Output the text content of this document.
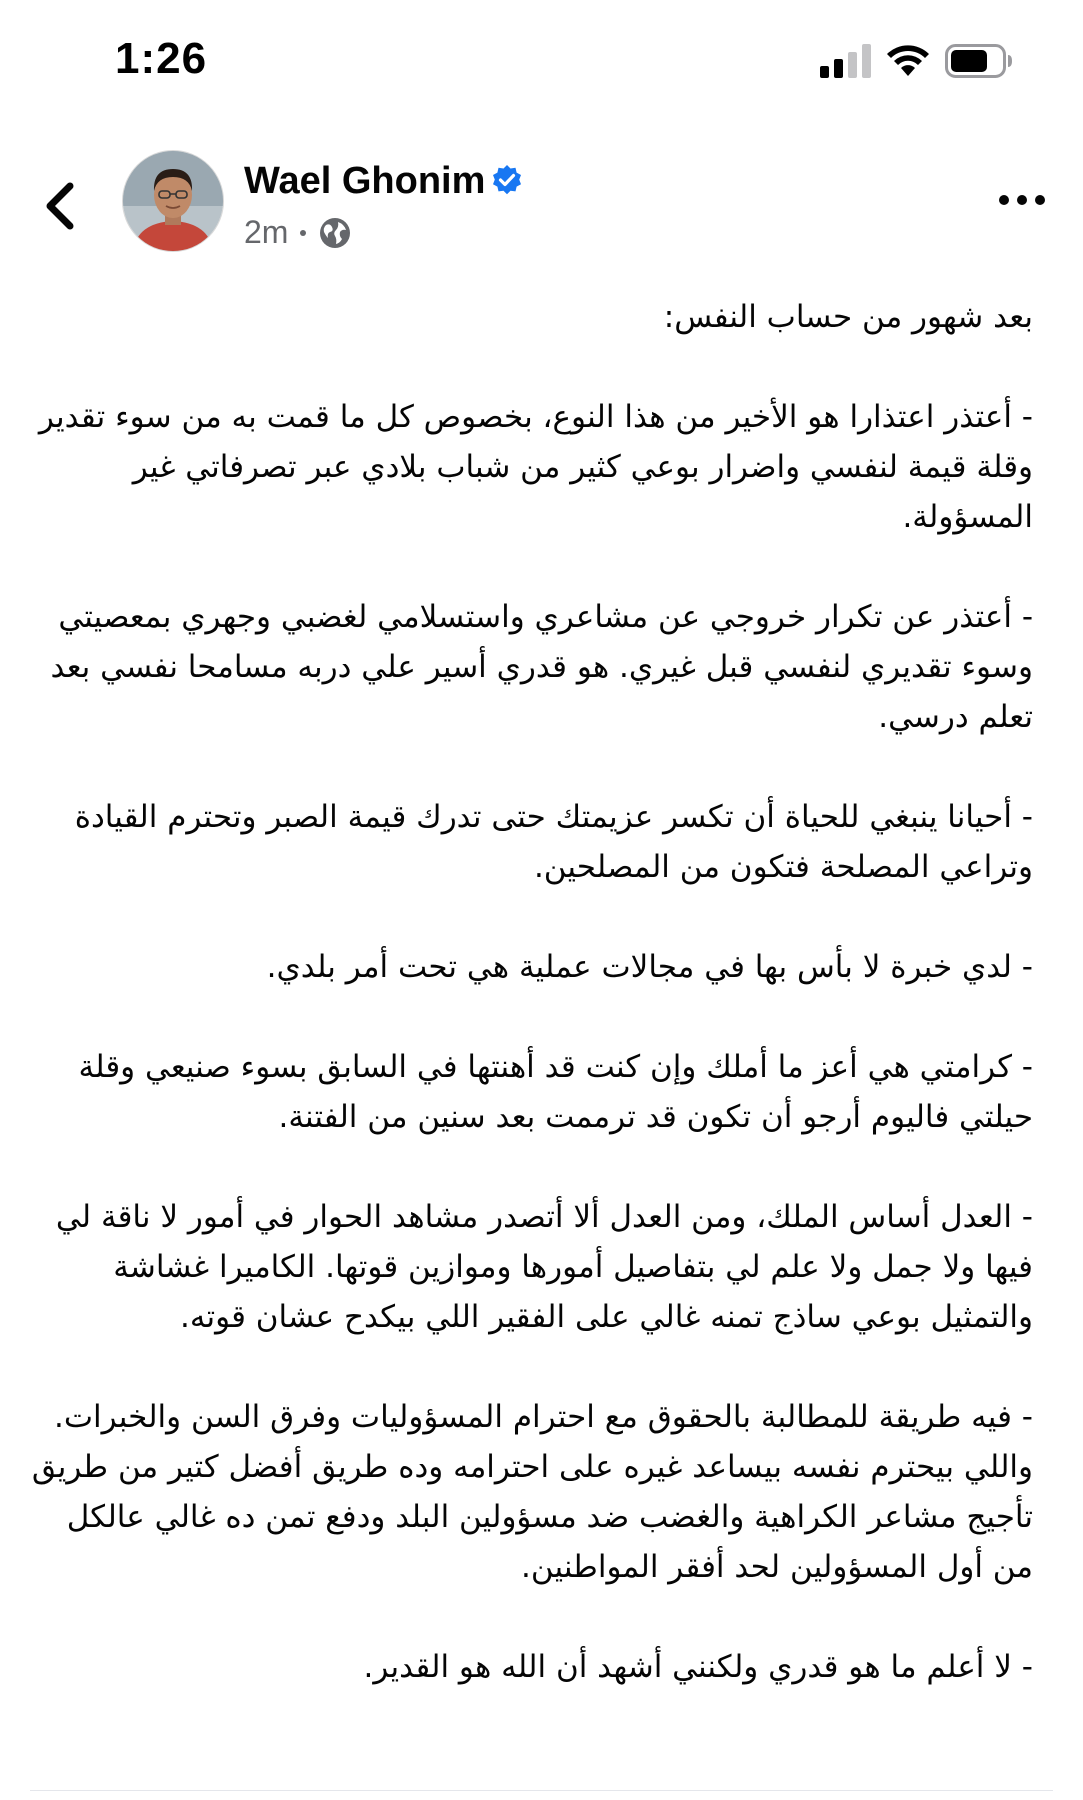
1:26
Wael Ghonim
2m

بعد شهور من حساب النفس:

- أعتذر اعتذارا هو الأخير من هذا النوع، بخصوص كل ما قمت به من سوء تقدير وقلة قيمة لنفسي واضرار بوعي كثير من شباب بلادي عبر تصرفاتي غير المسؤولة.

- أعتذر عن تكرار خروجي عن مشاعري واستسلامي لغضبي وجهري بمعصيتي وسوء تقديري لنفسي قبل غيري. هو قدري أسير علي دربه مسامحا نفسي بعد تعلم درسي.

- أحيانا ينبغي للحياة أن تكسر عزيمتك حتى تدرك قيمة الصبر وتحترم القيادة وتراعي المصلحة فتكون من المصلحين.

- لدي خبرة لا بأس بها في مجالات عملية هي تحت أمر بلدي.

- كرامتي هي أعز ما أملك وإن كنت قد أهنتها في السابق بسوء صنيعي وقلة حيلتي فاليوم أرجو أن تكون قد ترممت بعد سنين من الفتنة.

- العدل أساس الملك، ومن العدل ألا أتصدر مشاهد الحوار في أمور لا ناقة لي فيها ولا جمل ولا علم لي بتفاصيل أمورها وموازين قوتها. الكاميرا غشاشة والتمثيل بوعي ساذج تمنه غالي على الفقير اللي بيكدح عشان قوته.

- فيه طريقة للمطالبة بالحقوق مع احترام المسؤوليات وفرق السن والخبرات. واللي بيحترم نفسه بيساعد غيره على احترامه وده طريق أفضل كتير من طريق تأجيج مشاعر الكراهية والغضب ضد مسؤولين البلد ودفع تمن ده غالي عالكل من أول المسؤولين لحد أفقر المواطنين.

- لا أعلم ما هو قدري ولكنني أشهد أن الله هو القدير.
